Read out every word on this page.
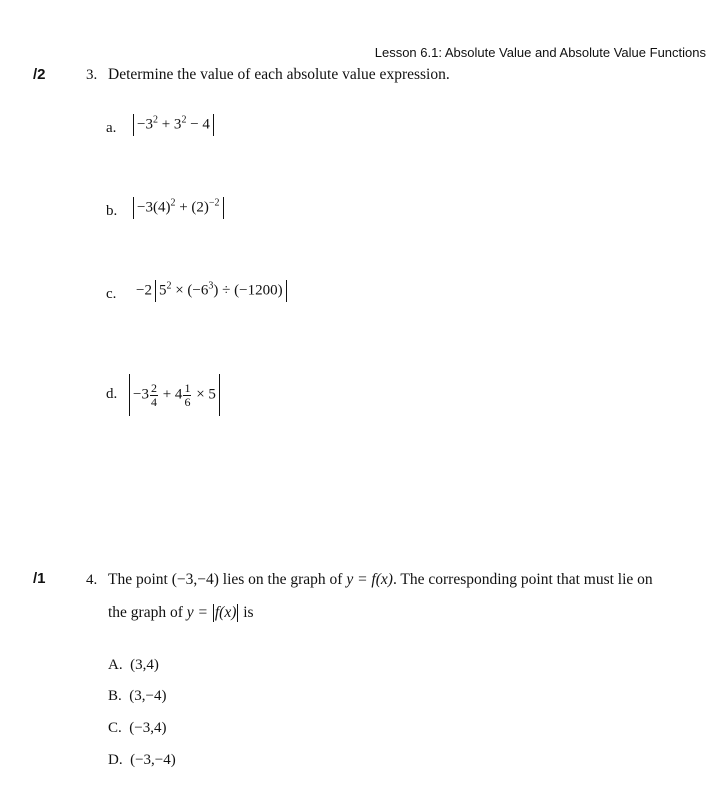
Lesson 6.1: Absolute Value and Absolute Value Functions
/2	3. Determine the value of each absolute value expression.
a.	$-3^2 + 3^2 - 4$
b.	$-3(4)^2 + (2)^{-2}$
c. −2 $5^2 \times (-6^3) \div (-1200)$
d.	$-3 \frac{2}{4} + 4 \frac{1}{6} \times 5$
/1	4. The point (−3,−4) lies on the graph of y = f(x). The corresponding point that must lie on
the graph of y = f(x) is
A. (3,4)
B. (3,−4)
C. (−3,4)
D. (−3,−4)
